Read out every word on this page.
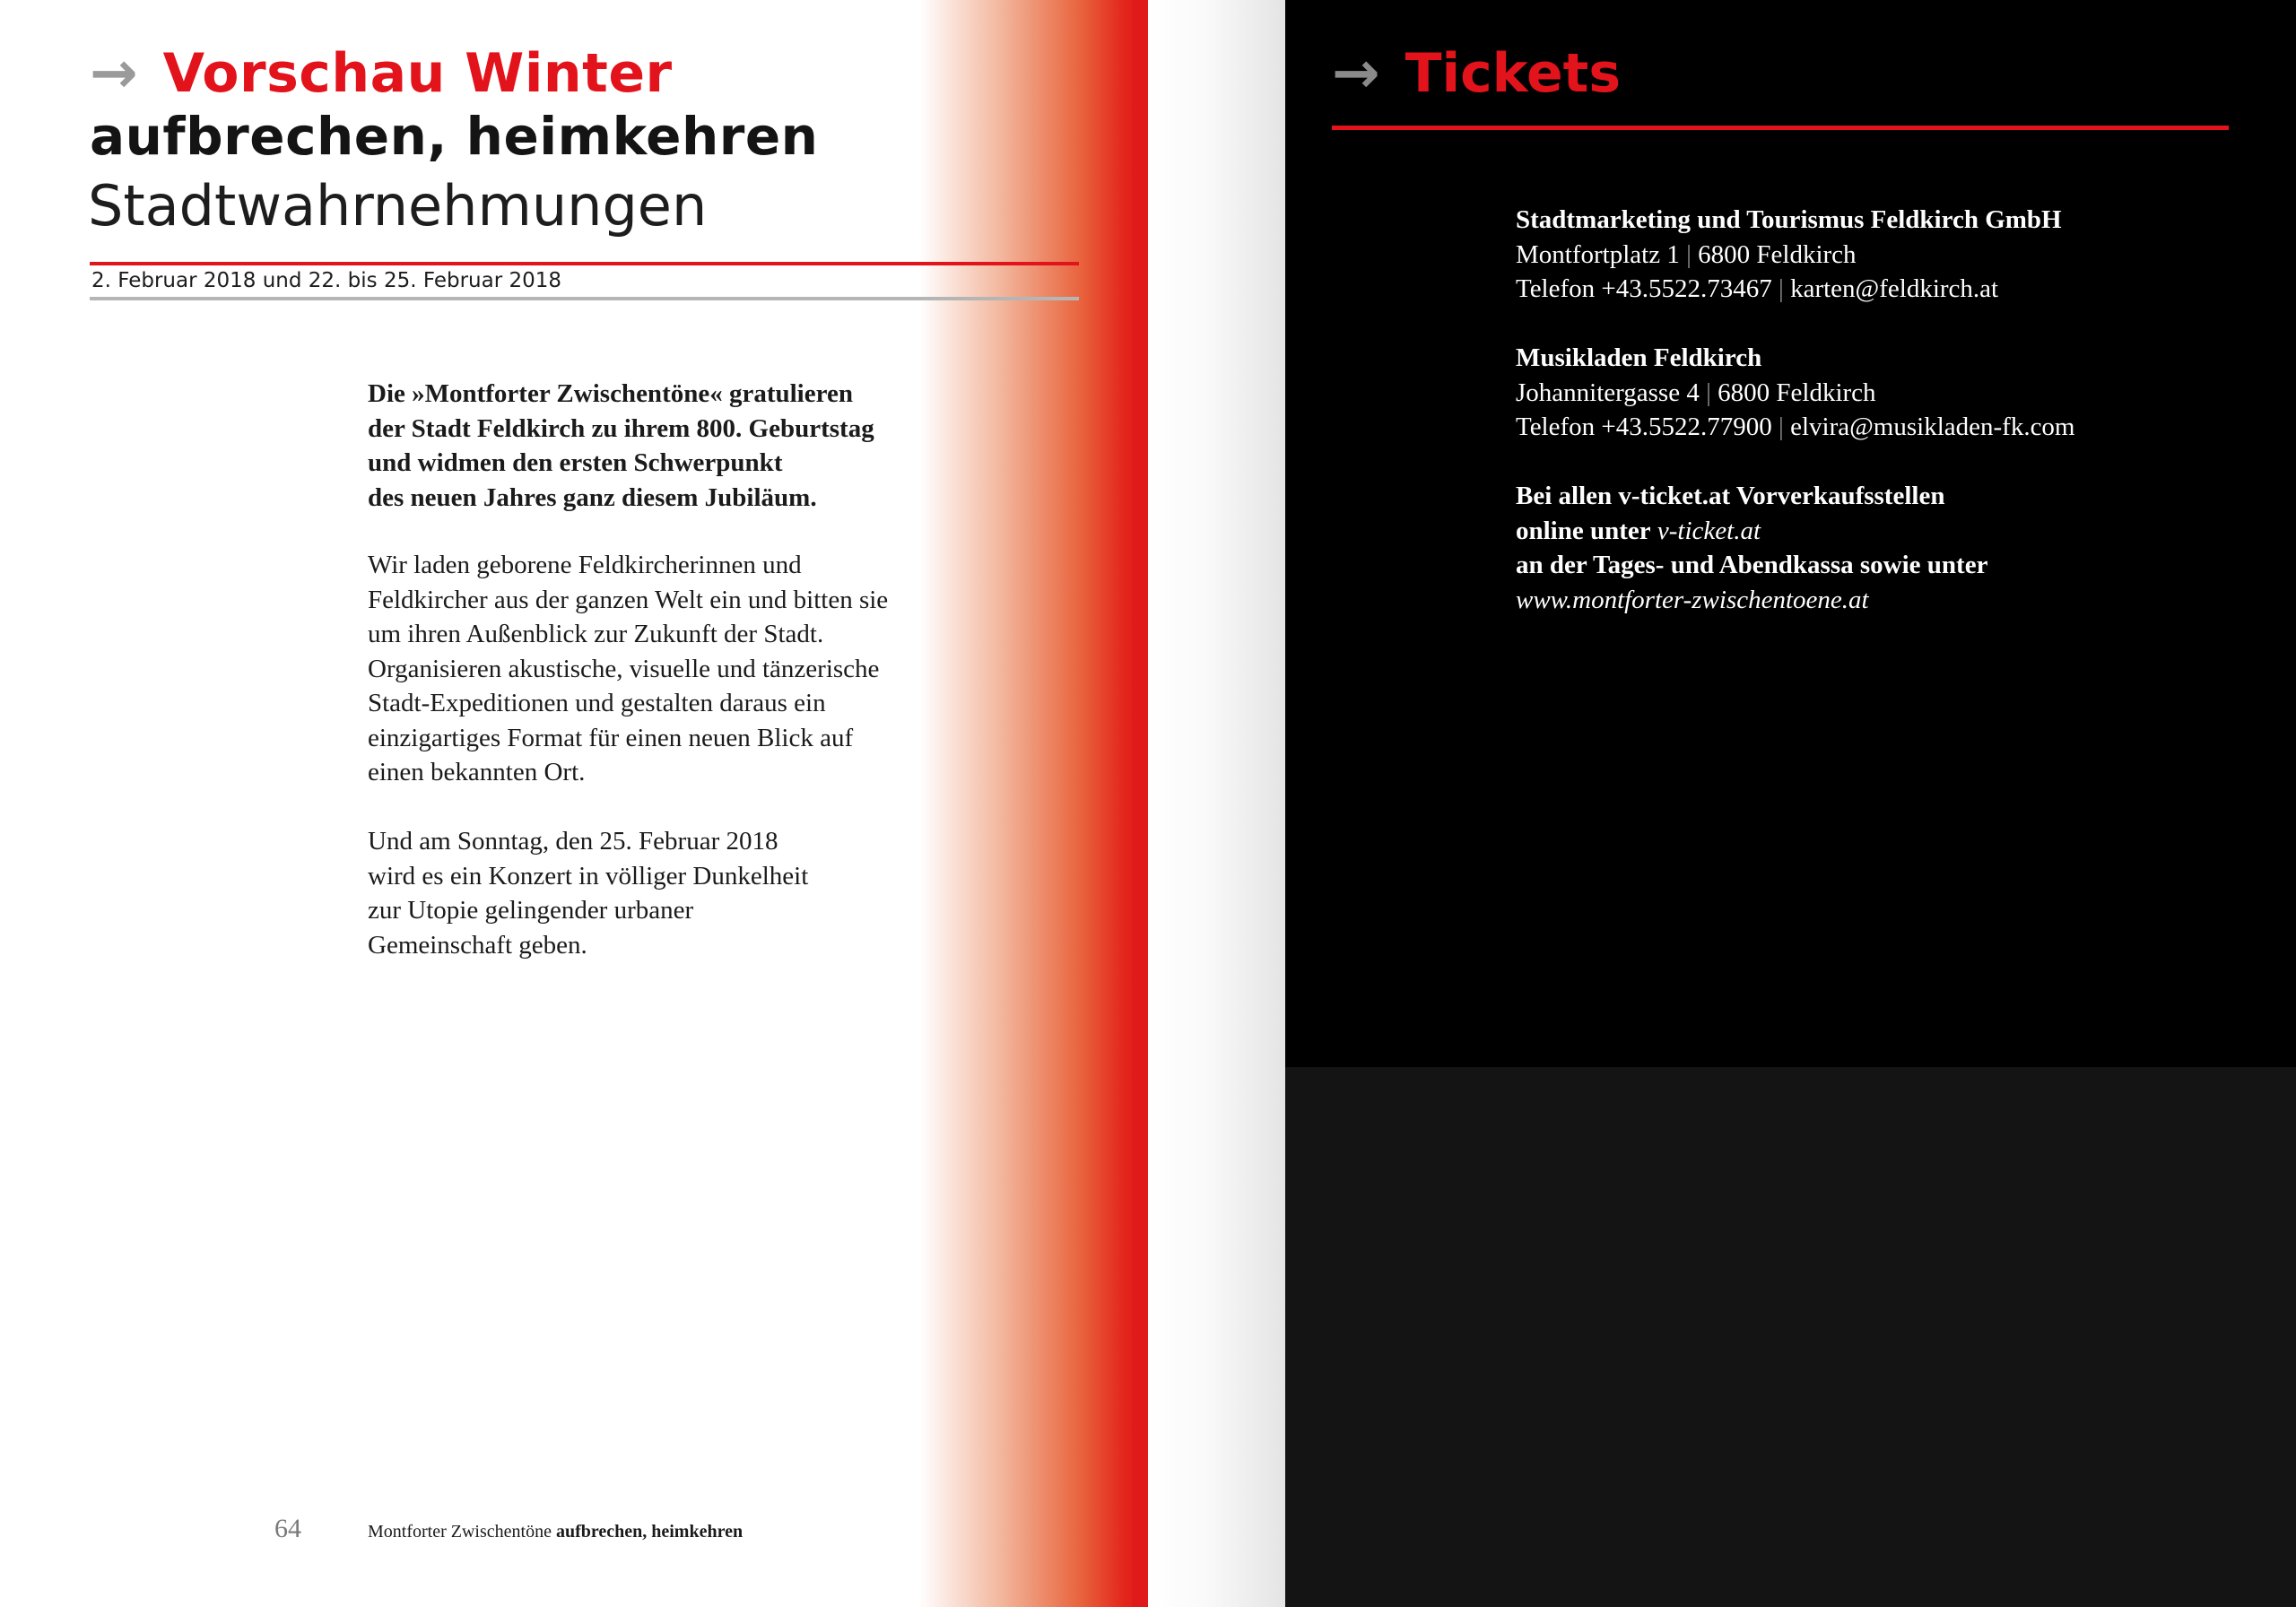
→ Vorschau Winter
aufbrechen, heimkehren
Stadtwahrnehmungen
2. Februar 2018 und 22. bis 25. Februar 2018

Die »Montforter Zwischentöne« gratulieren

der Stadt Feldkirch zu ihrem 800. Geburtstag

und widmen den ersten Schwerpunkt

des neuen Jahres ganz diesem Jubiläum.

Wir laden geborene Feldkircherinnen und

Feldkircher aus der ganzen Welt ein und bitten sie

um ihren Außenblick zur Zukunft der Stadt.

Organisieren akustische, visuelle und tänzerische

Stadt-Expeditionen und gestalten daraus ein

einzigartiges Format für einen neuen Blick auf

einen bekannten Ort.

Und am Sonntag, den 25. Februar 2018

wird es ein Konzert in völliger Dunkelheit

zur Utopie gelingender urbaner

Gemeinschaft geben.

64	Montforter Zwischentöne aufbrechen, heimkehren
→ Tickets
Stadtmarketing und Tourismus Feldkirch GmbH
Montfortplatz 1 | 6800 Feldkirch
Telefon +43.5522.73467 | karten@feldkirch.at
Musikladen Feldkirch
Johannitergasse 4 | 6800 Feldkirch
Telefon +43.5522.77900 | elvira@musikladen-fk.com
Bei allen v-ticket.at Vorverkaufsstellen
online unter v-ticket.at
an der Tages- und Abendkassa sowie unter
www.montforter-zwischentoene.at
